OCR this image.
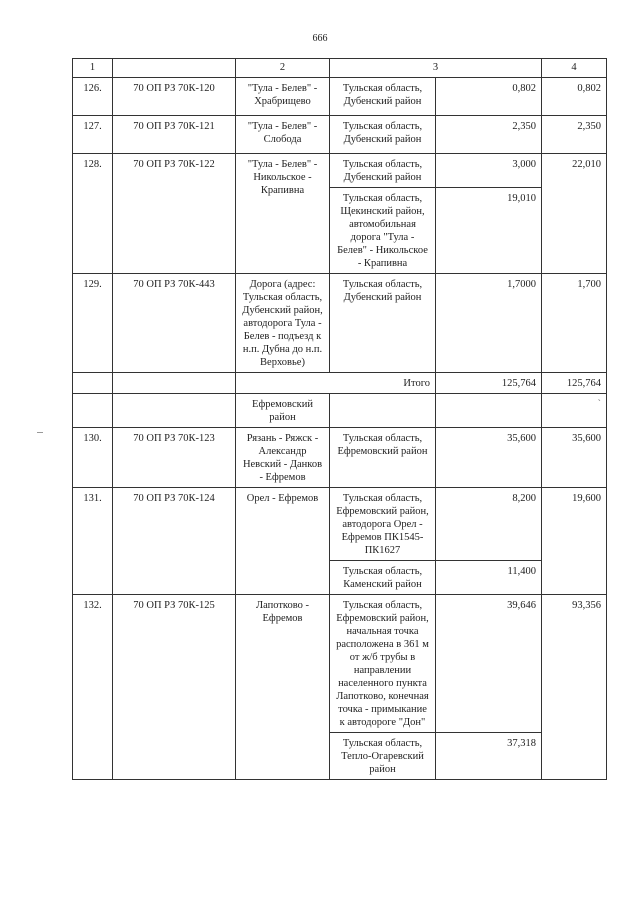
666
1		2	3		4
126.	70 ОП РЗ 70К-120	"Тула - Белев" - Храбрищево	Тульская область, Дубенский район	0,802	0,802
127.	70 ОП РЗ 70К-121	"Тула - Белев" - Слобода	Тульская область, Дубенский район	2,350	2,350
128.	70 ОП РЗ 70К-122	"Тула - Белев" - Никольское - Крапивна	Тульская область, Дубенский район	3,000	22,010
			Тульская область, Щекинский район, автомобильная дорога "Тула - Белев" - Никольское - Крапивна	19,010	
129.	70 ОП РЗ 70К-443	Дорога (адрес: Тульская область, Дубенский район, автодорога Тула - Белев - подъезд к н.п. Дубна до н.п. Верховье)	Тульская область, Дубенский район	1,7000	1,700
		Итого		125,764	125,764
		Ефремовский район			`
130.	70 ОП РЗ 70К-123	Рязань - Ряжск - Александр Невский - Данков - Ефремов	Тульская область, Ефремовский район	35,600	35,600
131.	70 ОП РЗ 70К-124	Орел - Ефремов	Тульская область, Ефремовский район, автодорога Орел - Ефремов ПК1545-ПК1627	8,200	19,600
			Тульская область, Каменский район	11,400	
132.	70 ОП РЗ 70К-125	Лапотково - Ефремов	Тульская область, Ефремовский район, начальная точка расположена в 361 м от ж/б трубы в направлении населенного пункта Лапотково, конечная точка - примыкание к автодороге "Дон"	39,646	93,356
			Тульская область, Тепло-Огаревский район	37,318	
